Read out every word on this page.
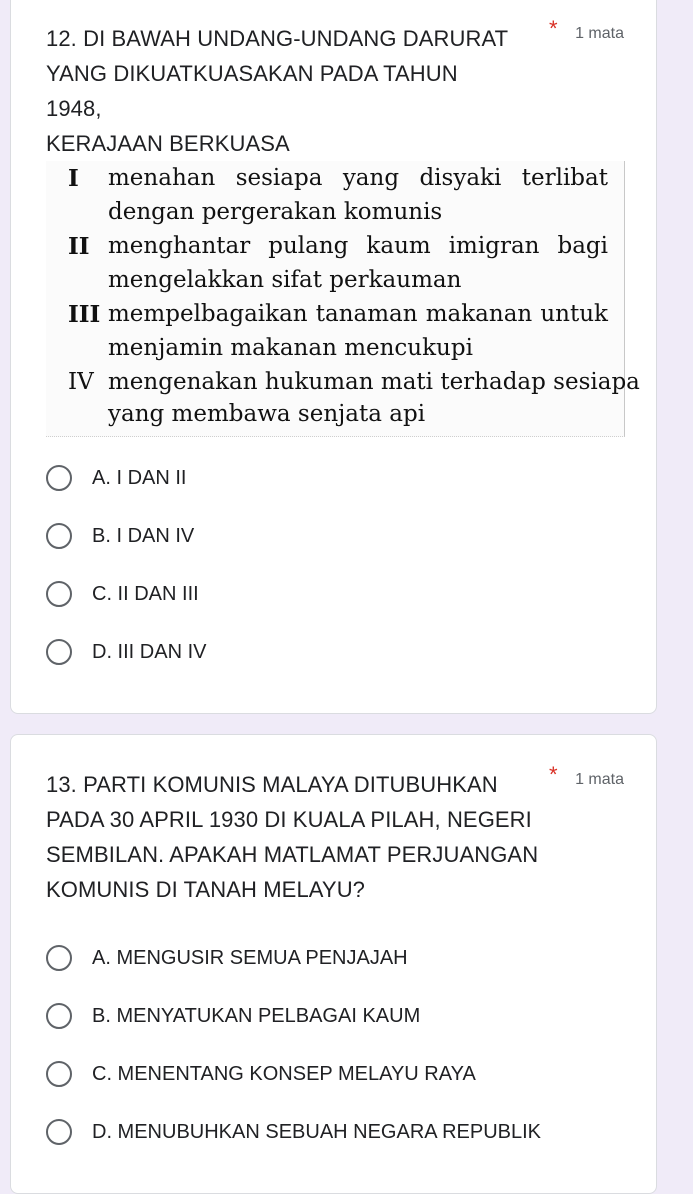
12. DI BAWAH UNDANG-UNDANG DARURAT
YANG DIKUATKUASAKAN PADA TAHUN 1948,
KERAJAAN BERKUASA
* 1 mata
I menahan sesiapa yang disyaki terlibat
dengan pergerakan komunis
II menghantar pulang kaum imigran bagi
mengelakkan sifat perkauman
III mempelbagaikan tanaman makanan untuk
menjamin makanan mencukupi
IV mengenakan hukuman mati terhadap sesiapa
yang membawa senjata api
A. I DAN II
B. I DAN IV
C. II DAN III
D. III DAN IV
13. PARTI KOMUNIS MALAYA DITUBUHKAN
PADA 30 APRIL 1930 DI KUALA PILAH, NEGERI
SEMBILAN. APAKAH MATLAMAT PERJUANGAN
KOMUNIS DI TANAH MELAYU?
* 1 mata
A. MENGUSIR SEMUA PENJAJAH
B. MENYATUKAN PELBAGAI KAUM
C. MENENTANG KONSEP MELAYU RAYA
D. MENUBUHKAN SEBUAH NEGARA REPUBLIK
